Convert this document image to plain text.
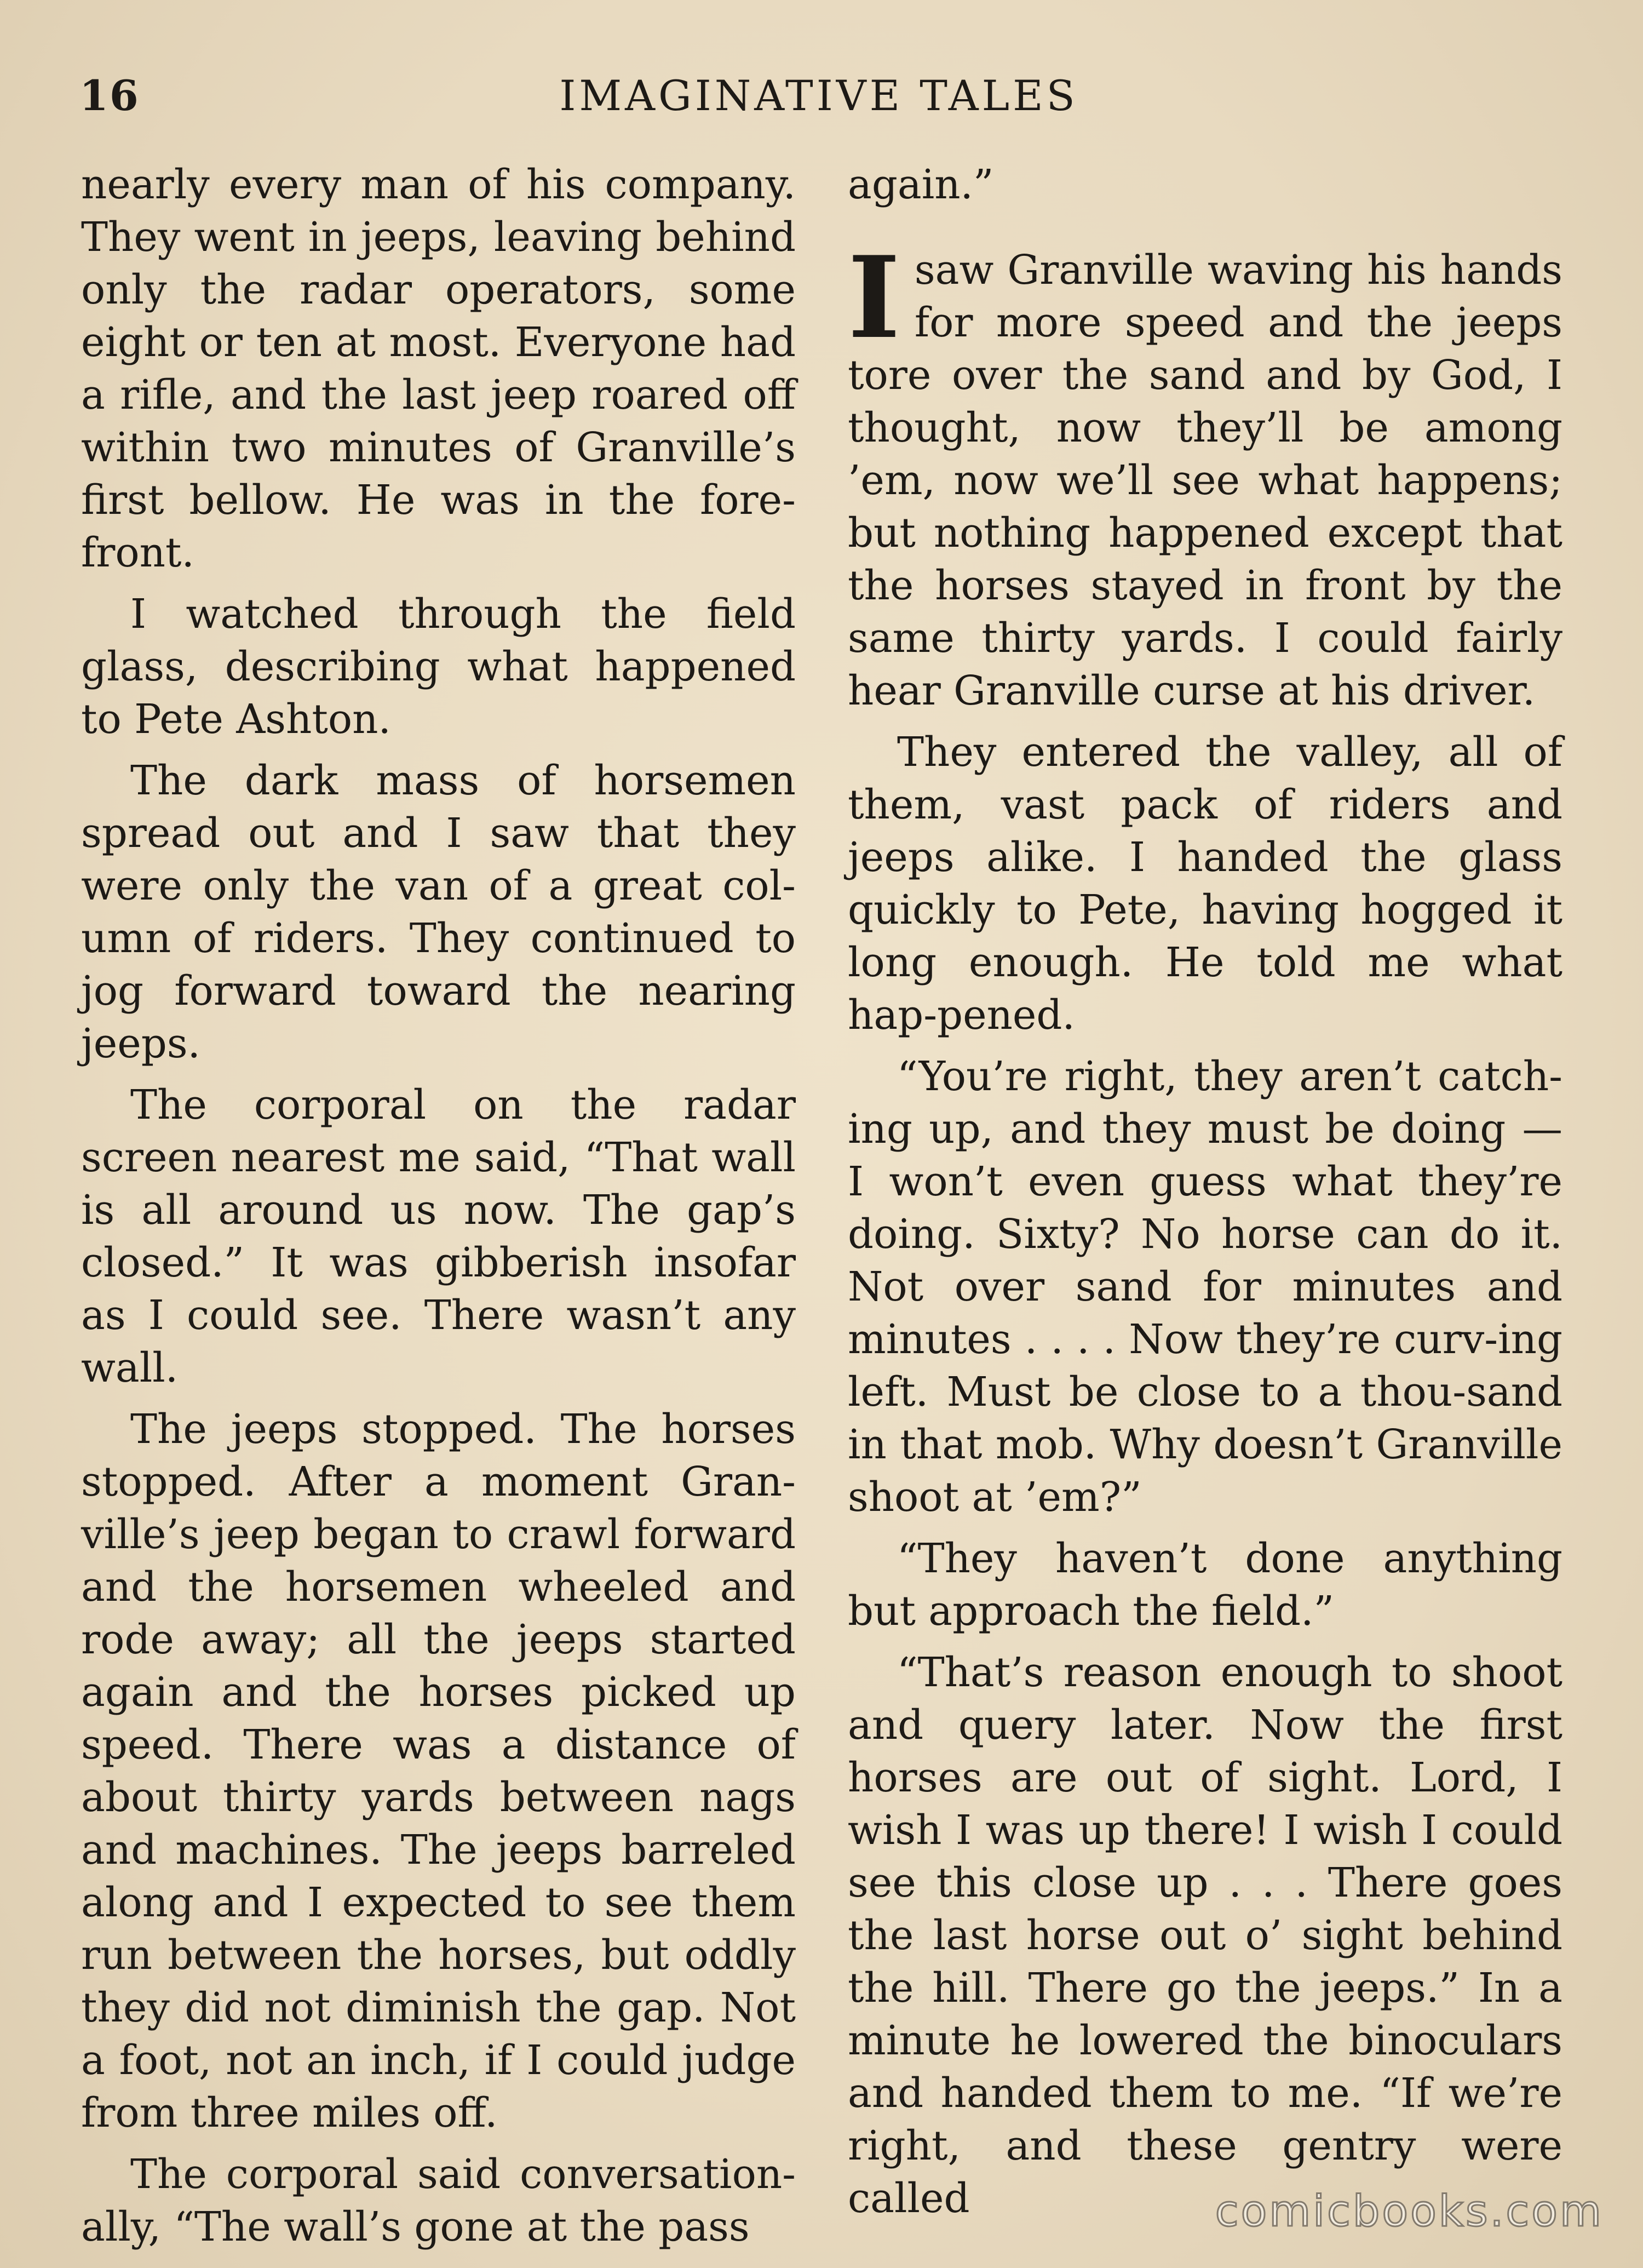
16	IMAGINATIVE TALES

nearly every man of his company. They went in jeeps, leaving behind only the radar operators, some eight or ten at most. Everyone had a rifle, and the last jeep roared off within two minutes of Granville’s first bellow. He was in the fore-front.

I watched through the field glass, describing what happened to Pete Ashton.

The dark mass of horsemen spread out and I saw that they were only the van of a great col-umn of riders. They continued to jog forward toward the nearing jeeps.

The corporal on the radar screen nearest me said, “That wall is all around us now. The gap’s closed.” It was gibberish insofar as I could see. There wasn’t any wall.

The jeeps stopped. The horses stopped. After a moment Gran-ville’s jeep began to crawl forward and the horsemen wheeled and rode away; all the jeeps started again and the horses picked up speed. There was a distance of about thirty yards between nags and machines. The jeeps barreled along and I expected to see them run between the horses, but oddly they did not diminish the gap. Not a foot, not an inch, if I could judge from three miles off.

The corporal said conversation-ally, “The wall’s gone at the pass

again.”

Isaw Granville waving his hands for more speed and the jeeps tore over the sand and by God, I thought, now they’ll be among ’em, now we’ll see what happens; but nothing happened except that the horses stayed in front by the same thirty yards. I could fairly hear Granville curse at his driver.

They entered the valley, all of them, vast pack of riders and jeeps alike. I handed the glass quickly to Pete, having hogged it long enough. He told me what hap-pened.

“You’re right, they aren’t catch-ing up, and they must be doing — I won’t even guess what they’re doing. Sixty? No horse can do it. Not over sand for minutes and minutes . . . . Now they’re curv-ing left. Must be close to a thou-sand in that mob. Why doesn’t Granville shoot at ’em?”

“They haven’t done anything but approach the field.”

“That’s reason enough to shoot and query later. Now the first horses are out of sight. Lord, I wish I was up there! I wish I could see this close up . . . There goes the last horse out o’ sight behind the hill. There go the jeeps.” In a minute he lowered the binoculars and handed them to me. “If we’re right, and these gentry were called	comicbooks.com
